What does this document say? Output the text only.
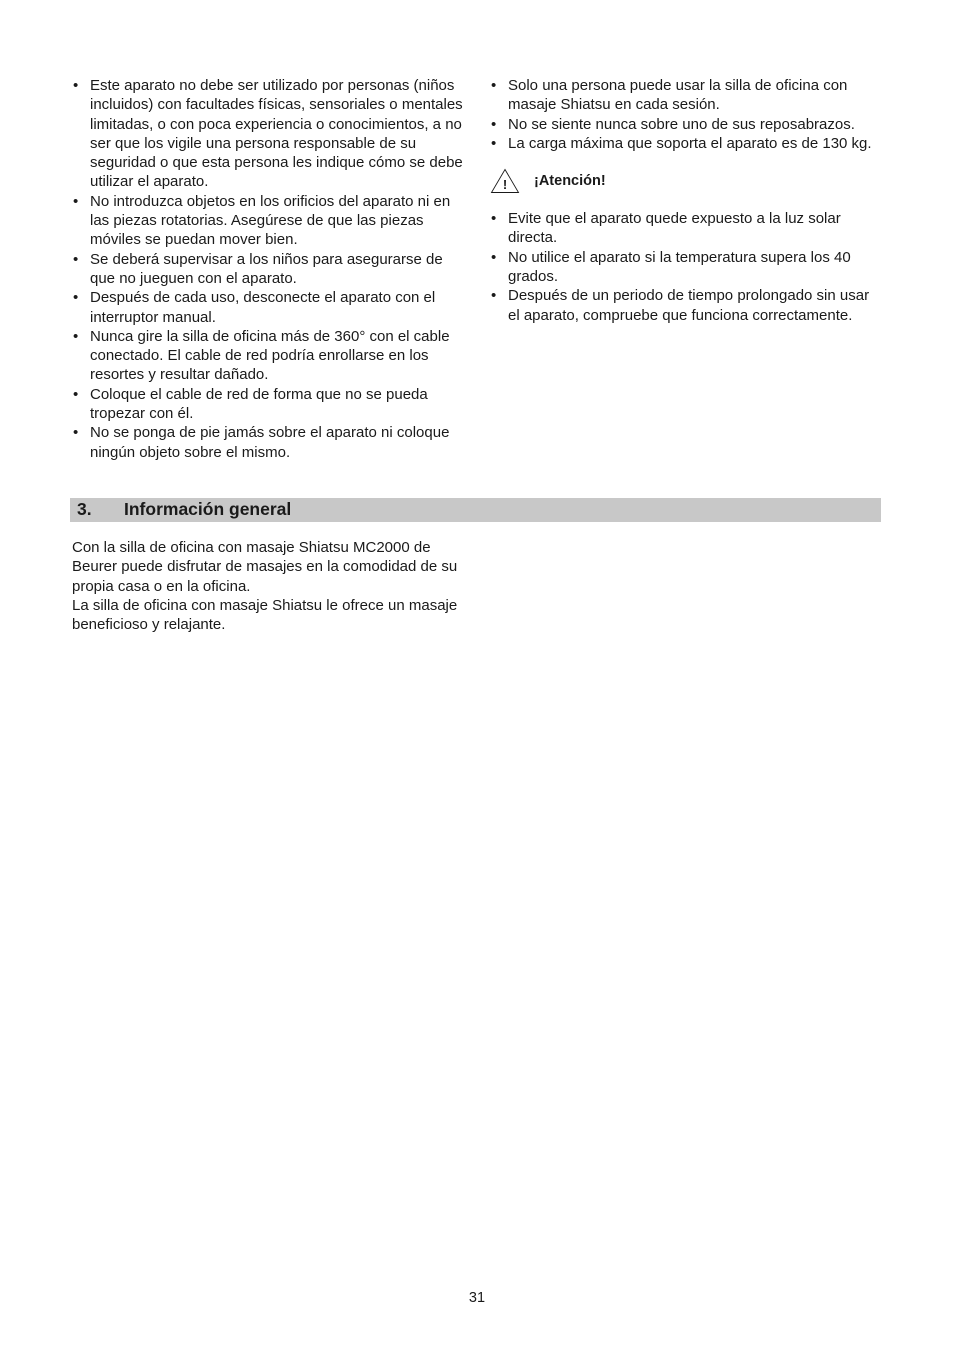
• Este aparato no debe ser utilizado por personas (niños incluidos) con facultades físicas, sensoriales o mentales limitadas, o con poca experiencia o conocimientos, a no ser que los vigile una persona responsable de su seguridad o que esta persona les indique cómo se debe utilizar el aparato.
• No introduzca objetos en los orificios del aparato ni en las piezas rotatorias. Asegúrese de que las piezas móviles se puedan mover bien.
• Se deberá supervisar a los niños para asegurarse de que no jueguen con el aparato.
• Después de cada uso, desconecte el aparato con el interruptor manual.
• Nunca gire la silla de oficina más de 360° con el cable conectado. El cable de red podría enrollarse en los resortes y resultar dañado.
• Coloque el cable de red de forma que no se pueda tropezar con él.
• No se ponga de pie jamás sobre el aparato ni coloque ningún objeto sobre el mismo.
• Solo una persona puede usar la silla de oficina con masaje Shiatsu en cada sesión.
• No se siente nunca sobre uno de sus reposabrazos.
• La carga máxima que soporta el aparato es de 130 kg.
! ¡Atención!
• Evite que el aparato quede expuesto a la luz solar directa.
• No utilice el aparato si la temperatura supera los 40 grados.
• Después de un periodo de tiempo prolongado sin usar el aparato, compruebe que funciona correctamente.
3.	Información general

Con la silla de oficina con masaje Shiatsu MC2000 de Beurer puede disfrutar de masajes en la comodidad de su propia casa o en la oficina.

La silla de oficina con masaje Shiatsu le ofrece un masaje beneficioso y relajante.

31
